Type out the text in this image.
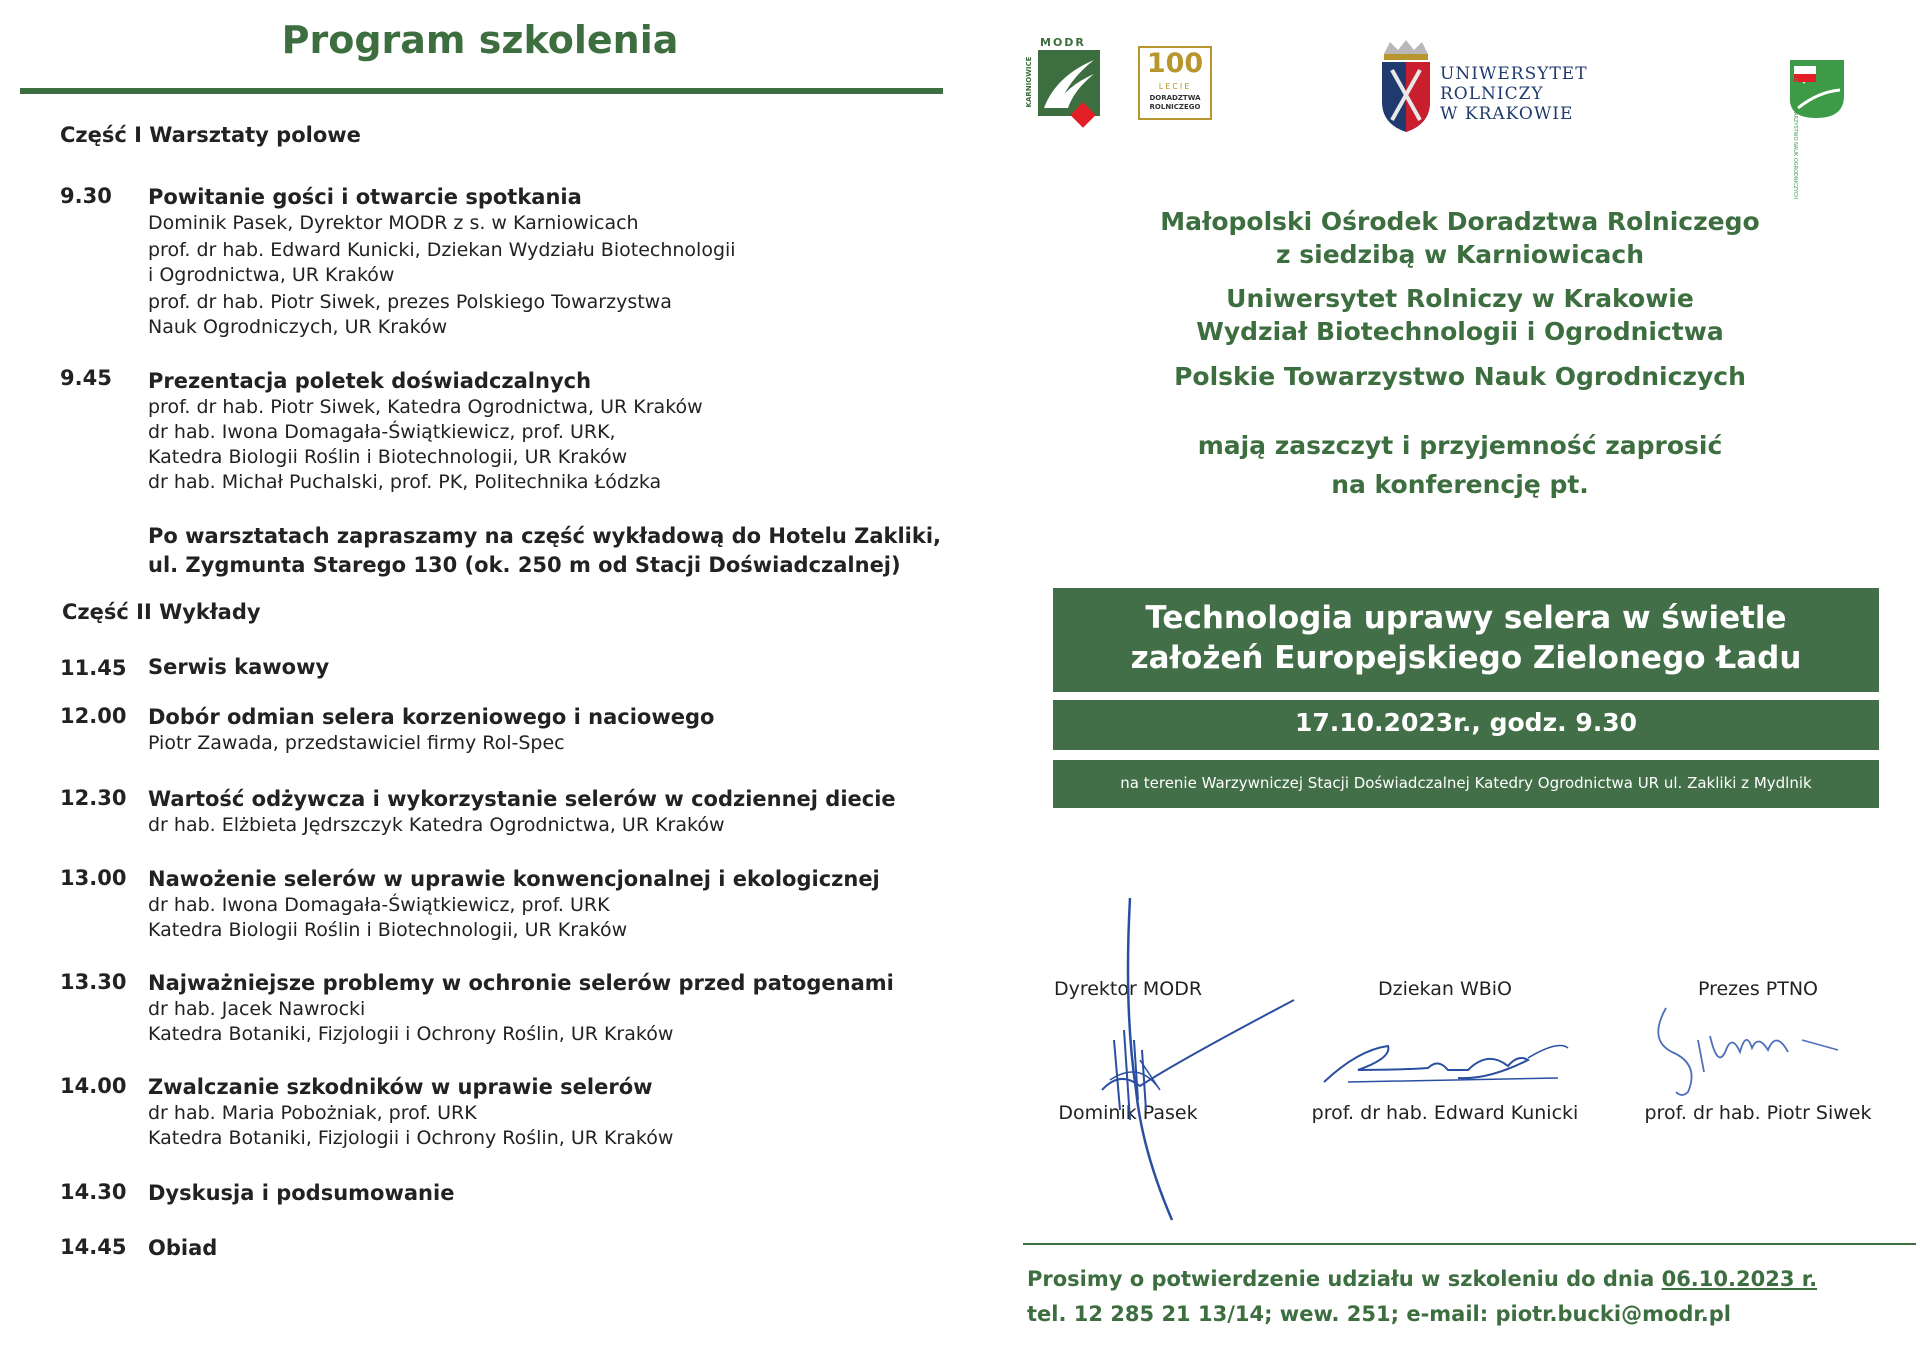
Program szkolenia
Część I Warsztaty polowe
9.30 Powitanie gości i otwarcie spotkania
Dominik Pasek, Dyrektor MODR z s. w Karniowicach
prof. dr hab. Edward Kunicki, Dziekan Wydziału Biotechnologii
i Ogrodnictwa, UR Kraków
prof. dr hab. Piotr Siwek, prezes Polskiego Towarzystwa
Nauk Ogrodniczych, UR Kraków
9.45 Prezentacja poletek doświadczalnych
prof. dr hab. Piotr Siwek, Katedra Ogrodnictwa, UR Kraków
dr hab. Iwona Domagała-Świątkiewicz, prof. URK,
Katedra Biologii Roślin i Biotechnologii, UR Kraków
dr hab. Michał Puchalski, prof. PK, Politechnika Łódzka
Po warsztatach zapraszamy na część wykładową do Hotelu Zakliki,
ul. Zygmunta Starego 130 (ok. 250 m od Stacji Doświadczalnej)
Część II Wykłady
11.45 Serwis kawowy
12.00 Dobór odmian selera korzeniowego i naciowego
Piotr Zawada, przedstawiciel firmy Rol-Spec
12.30 Wartość odżywcza i wykorzystanie selerów w codziennej diecie
dr hab. Elżbieta Jędrszczyk Katedra Ogrodnictwa, UR Kraków
13.00 Nawożenie selerów w uprawie konwencjonalnej i ekologicznej
dr hab. Iwona Domagała-Świątkiewicz, prof. URK
Katedra Biologii Roślin i Biotechnologii, UR Kraków
13.30 Najważniejsze problemy w ochronie selerów przed patogenami
dr hab. Jacek Nawrocki
Katedra Botaniki, Fizjologii i Ochrony Roślin, UR Kraków
14.00 Zwalczanie szkodników w uprawie selerów
dr hab. Maria Pobożniak, prof. URK
Katedra Botaniki, Fizjologii i Ochrony Roślin, UR Kraków
14.30 Dyskusja i podsumowanie
14.45 Obiad
MODR
KARNIOWICE	100
LECIE
DORADZTWA
ROLNICZEGO
UNIWERSYTET
ROLNICZY
W KRAKOWIE	POLSKIE TOWARZYSTWO NAUK OGRODNICZYCH
Małopolski Ośrodek Doradztwa Rolniczego
z siedzibą w Karniowicach
Uniwersytet Rolniczy w Krakowie
Wydział Biotechnologii i Ogrodnictwa
Polskie Towarzystwo Nauk Ogrodniczych
mają zaszczyt i przyjemność zaprosić
na konferencję pt.
Technologia uprawy selera w świetle
założeń Europejskiego Zielonego Ładu
17.10.2023r., godz. 9.30
na terenie Warzywniczej Stacji Doświadczalnej Katedry Ogrodnictwa UR ul. Zakliki z Mydlnik
Dyrektor MODR
Dominik Pasek
Dziekan WBiO
prof. dr hab. Edward Kunicki
Prezes PTNO
prof. dr hab. Piotr Siwek
Prosimy o potwierdzenie udziału w szkoleniu do dnia 06.10.2023 r.
tel. 12 285 21 13/14; wew. 251; e-mail: piotr.bucki@modr.pl
